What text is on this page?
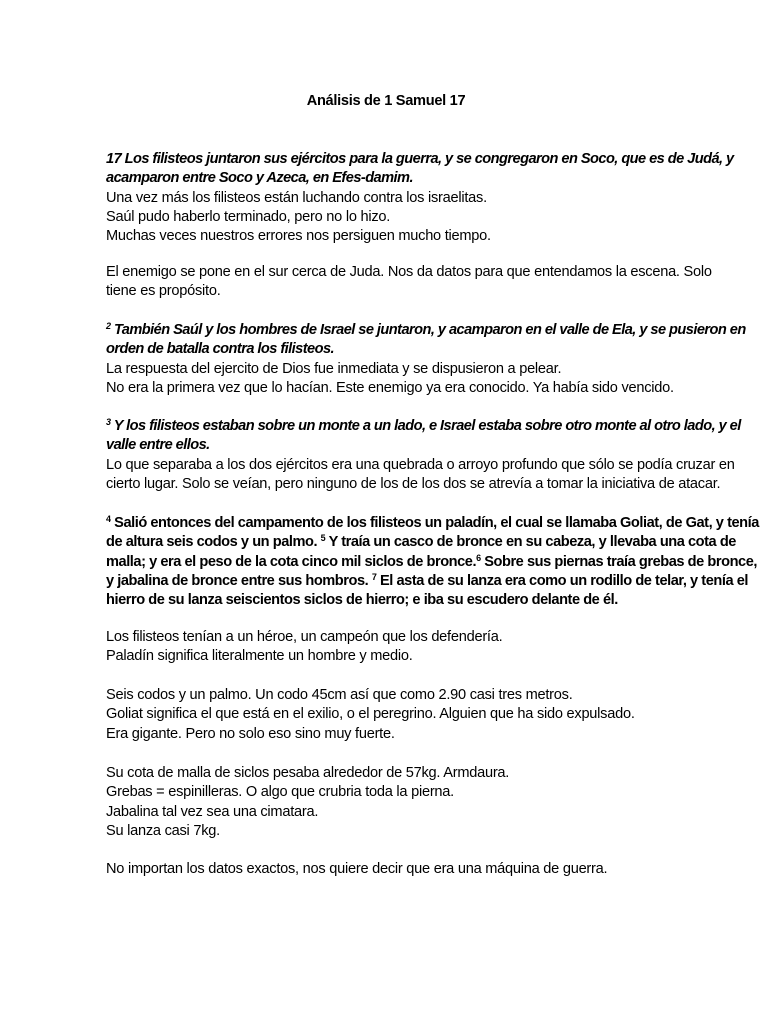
Análisis de 1 Samuel 17
17 Los filisteos juntaron sus ejércitos para la guerra, y se congregaron en Soco, que es de Judá, y
acamparon entre Soco y Azeca, en Efes-damim.
Una vez más los filisteos están luchando contra los israelitas.
Saúl pudo haberlo terminado, pero no lo hizo.
Muchas veces nuestros errores nos persiguen mucho tiempo.
El enemigo se pone en el sur cerca de Juda. Nos da datos para que entendamos la escena. Solo
tiene es propósito.
$^2$ También Saúl y los hombres de Israel se juntaron, y acamparon en el valle de Ela, y se pusieron en
orden de batalla contra los filisteos.
La respuesta del ejercito de Dios fue inmediata y se dispusieron a pelear.
No era la primera vez que lo hacían. Este enemigo ya era conocido. Ya había sido vencido.
$^3$ Y los filisteos estaban sobre un monte a un lado, e Israel estaba sobre otro monte al otro lado, y el
valle entre ellos.
Lo que separaba a los dos ejércitos era una quebrada o arroyo profundo que sólo se podía cruzar en
cierto lugar. Solo se veían, pero ninguno de los de los dos se atrevía a tomar la iniciativa de atacar.
$^4$ Salió entonces del campamento de los filisteos un paladín, el cual se llamaba Goliat, de Gat, y tenía
de altura seis codos y un palmo. $^5$ Y traía un casco de bronce en su cabeza, y llevaba una cota de
malla; y era el peso de la cota cinco mil siclos de bronce.$^6$ Sobre sus piernas traía grebas de bronce,
y jabalina de bronce entre sus hombros. $^7$ El asta de su lanza era como un rodillo de telar, y tenía el
hierro de su lanza seiscientos siclos de hierro; e iba su escudero delante de él.
Los filisteos tenían a un héroe, un campeón que los defendería.
Paladín significa literalmente un hombre y medio.
Seis codos y un palmo. Un codo 45cm así que como 2.90 casi tres metros.
Goliat significa el que está en el exilio, o el peregrino. Alguien que ha sido expulsado.
Era gigante. Pero no solo eso sino muy fuerte.
Su cota de malla de siclos pesaba alrededor de 57kg. Armdaura.
Grebas = espinilleras. O algo que crubria toda la pierna.
Jabalina tal vez sea una cimatara.
Su lanza casi 7kg.
No importan los datos exactos, nos quiere decir que era una máquina de guerra.
